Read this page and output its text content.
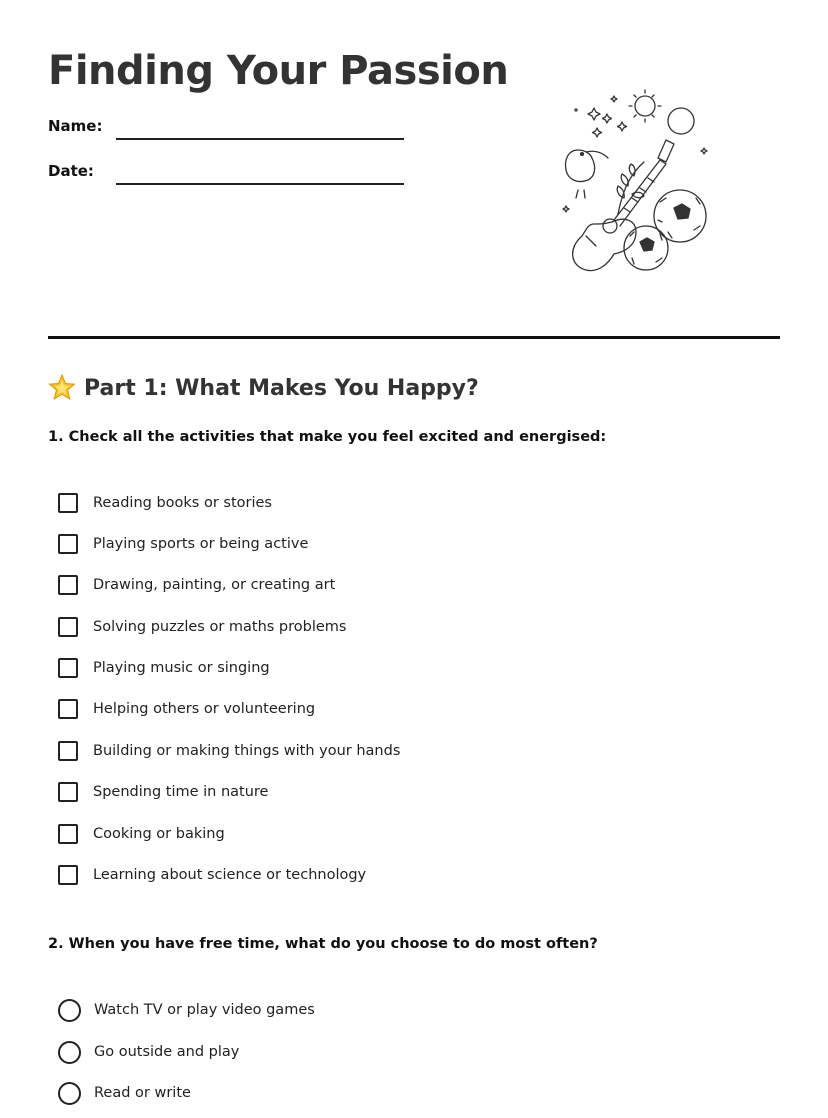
Finding Your Passion
Name:
Date:
Part 1: What Makes You Happy?
1. Check all the activities that make you feel excited and energised:
Reading books or stories
Playing sports or being active
Drawing, painting, or creating art
Solving puzzles or maths problems
Playing music or singing
Helping others or volunteering
Building or making things with your hands
Spending time in nature
Cooking or baking
Learning about science or technology
2. When you have free time, what do you choose to do most often?
Watch TV or play video games
Go outside and play
Read or write
